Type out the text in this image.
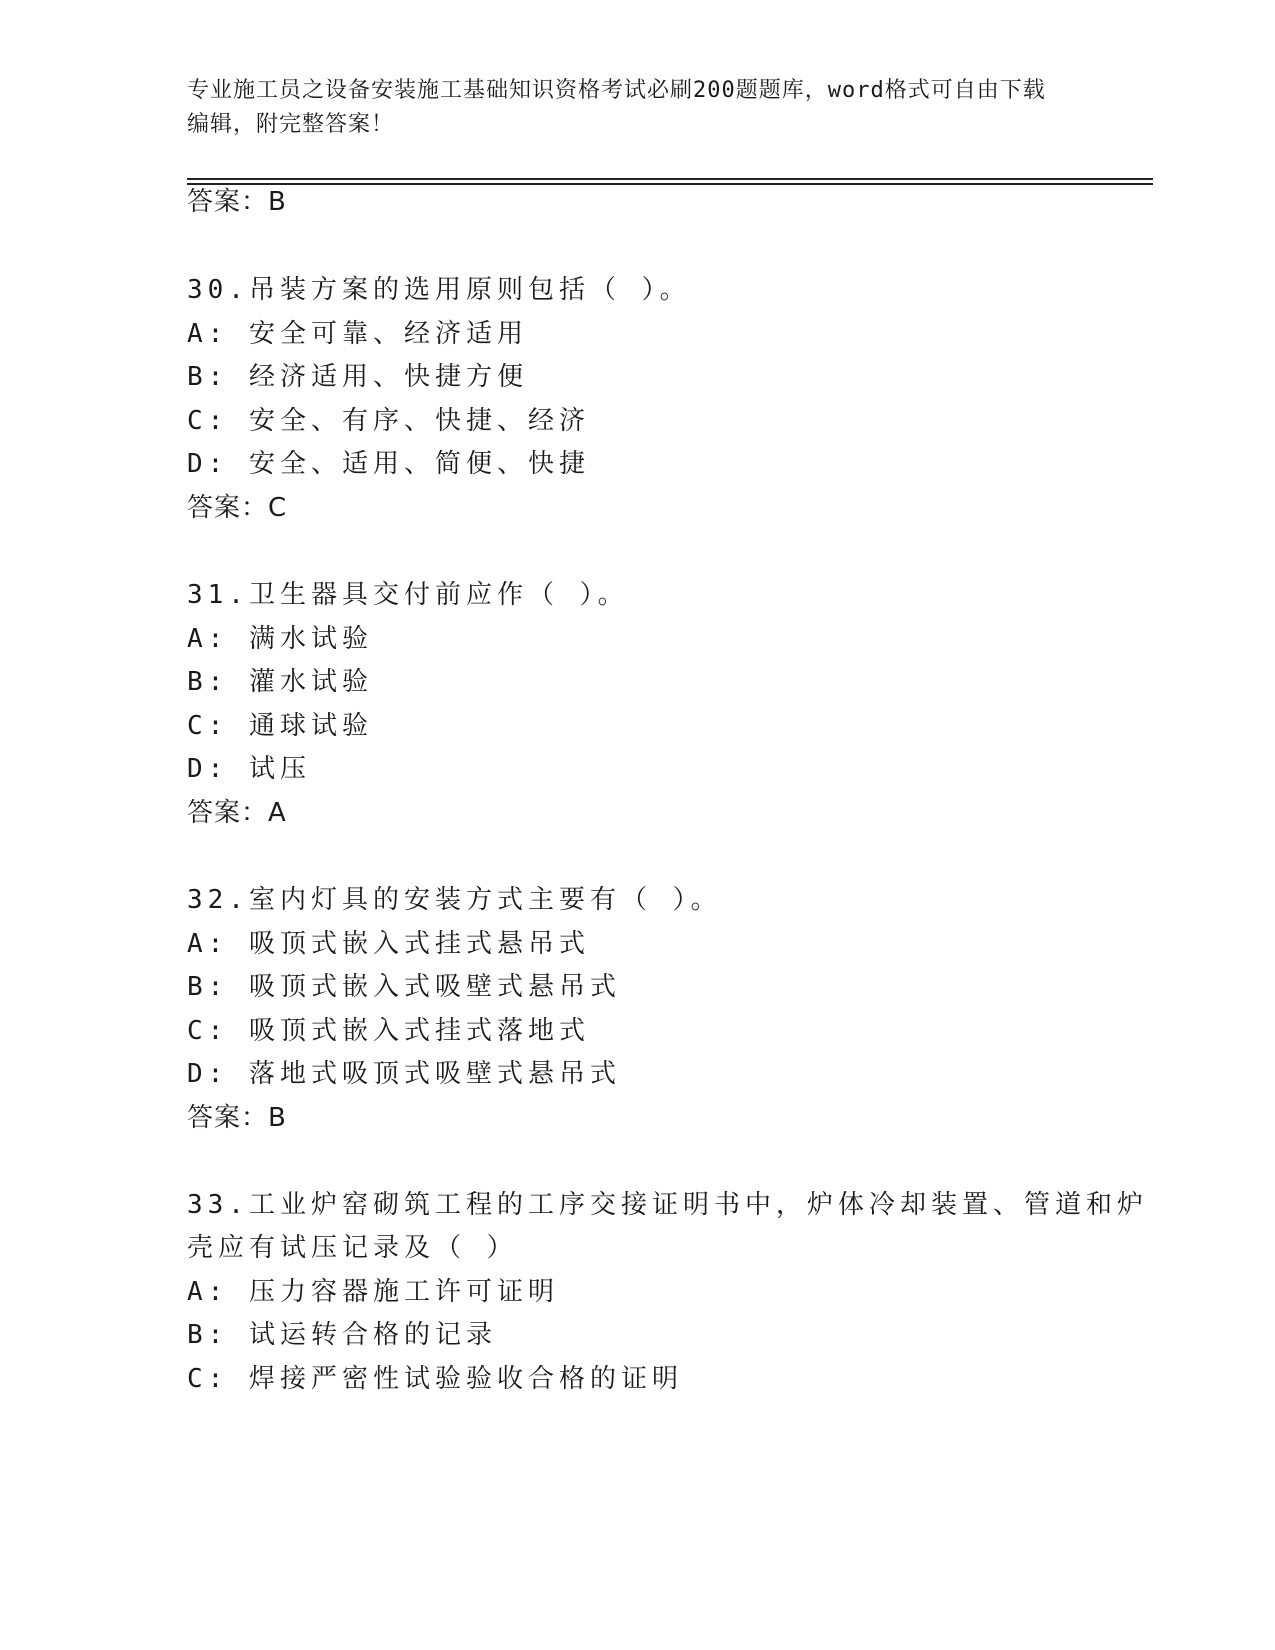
专业施工员之设备安装施工基础知识资格考试必刷200题题库，word格式可自由下载编辑，附完整答案！
答案：B
30.吊装方案的选用原则包括（ ）。
A: 安全可靠、经济适用
B: 经济适用、快捷方便
C: 安全、有序、快捷、经济
D: 安全、适用、简便、快捷
答案：C
31.卫生器具交付前应作（ ）。
A: 满水试验
B: 灌水试验
C: 通球试验
D: 试压
答案：A
32.室内灯具的安装方式主要有（ ）。
A: 吸顶式嵌入式挂式悬吊式
B: 吸顶式嵌入式吸壁式悬吊式
C: 吸顶式嵌入式挂式落地式
D: 落地式吸顶式吸壁式悬吊式
答案：B
33.工业炉窑砌筑工程的工序交接证明书中，炉体冷却装置、管道和炉
壳应有试压记录及（ ）
A: 压力容器施工许可证明
B: 试运转合格的记录
C: 焊接严密性试验验收合格的证明
